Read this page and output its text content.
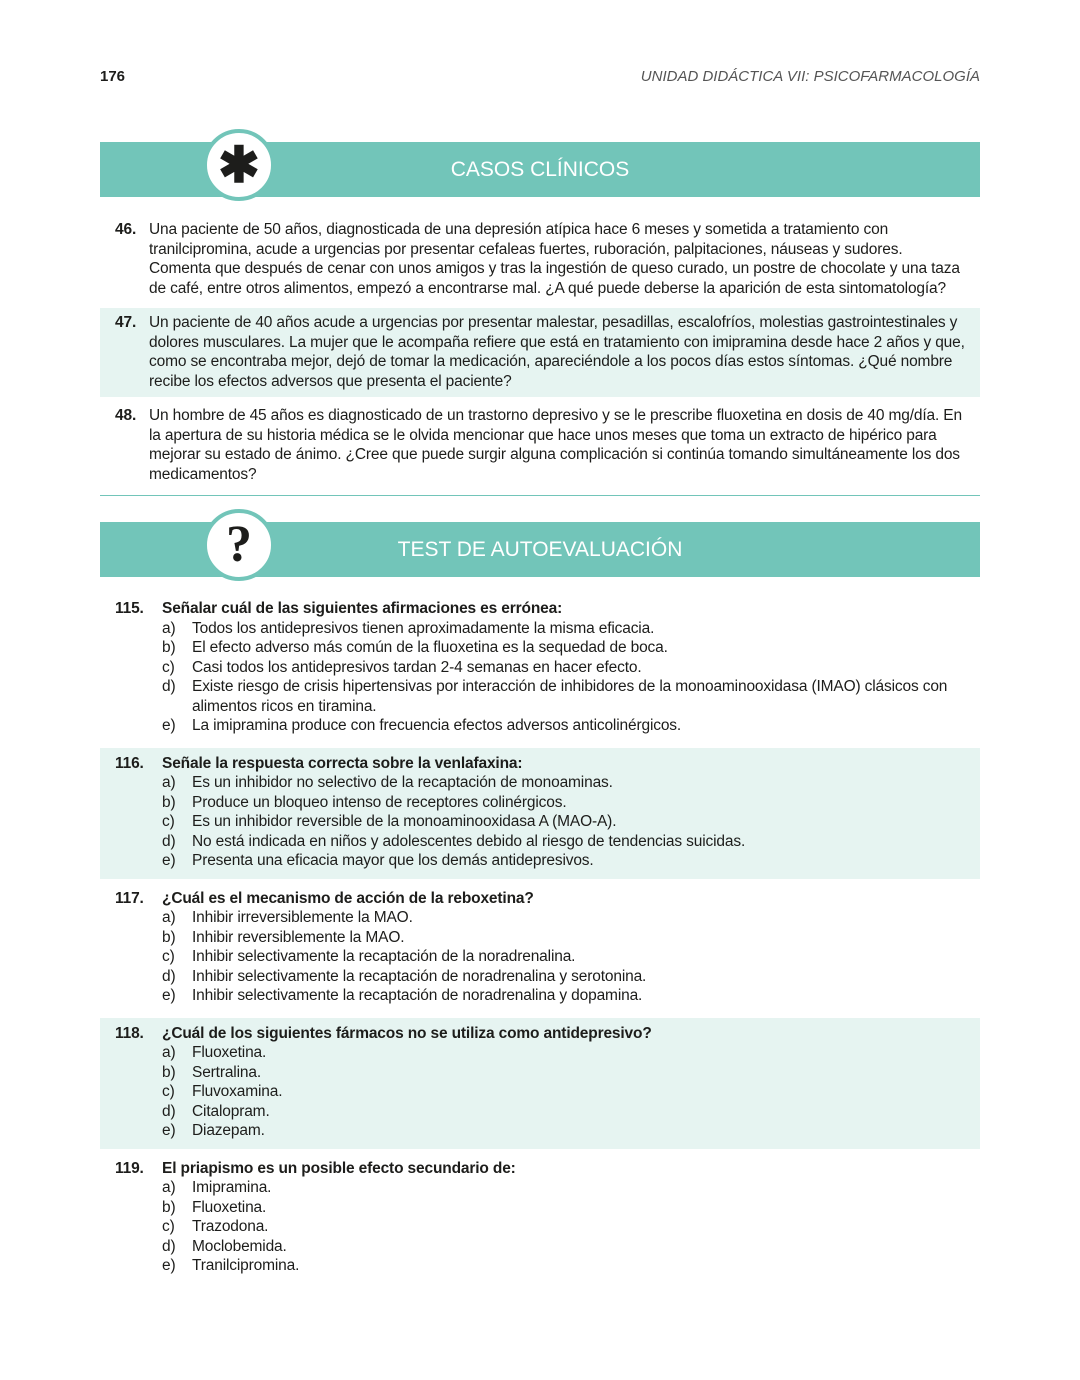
176	UNIDAD DIDÁCTICA VII: PSICOFARMACOLOGÍA
✱	CASOS CLÍNICOS
46. Una paciente de 50 años, diagnosticada de una depresión atípica hace 6 meses y sometida a tratamiento con tranilcipromina, acude a urgencias por presentar cefaleas fuertes, ruboración, palpitaciones, náuseas y sudores. Comenta que después de cenar con unos amigos y tras la ingestión de queso curado, un postre de chocolate y una taza de café, entre otros alimentos, empezó a encontrarse mal. ¿A qué puede deberse la aparición de esta sintomatología?
47. Un paciente de 40 años acude a urgencias por presentar malestar, pesadillas, escalofríos, molestias gastrointestinales y dolores musculares. La mujer que le acompaña refiere que está en tratamiento con imipramina desde hace 2 años y que, como se encontraba mejor, dejó de tomar la medicación, apareciéndole a los pocos días estos síntomas. ¿Qué nombre recibe los efectos adversos que presenta el paciente?
48. Un hombre de 45 años es diagnosticado de un trastorno depresivo y se le prescribe fluoxetina en dosis de 40 mg/día. En la apertura de su historia médica se le olvida mencionar que hace unos meses que toma un extracto de hipérico para mejorar su estado de ánimo. ¿Cree que puede surgir alguna complicación si continúa tomando simultáneamente los dos medicamentos?
?	TEST DE AUTOEVALUACIÓN
115. Señalar cuál de las siguientes afirmaciones es errónea:
a) Todos los antidepresivos tienen aproximadamente la misma eficacia.
b) El efecto adverso más común de la fluoxetina es la sequedad de boca.
c) Casi todos los antidepresivos tardan 2-4 semanas en hacer efecto.
d) Existe riesgo de crisis hipertensivas por interacción de inhibidores de la monoaminooxidasa (IMAO) clásicos con alimentos ricos en tiramina.
e) La imipramina produce con frecuencia efectos adversos anticolinérgicos.
116. Señale la respuesta correcta sobre la venlafaxina:
a) Es un inhibidor no selectivo de la recaptación de monoaminas.
b) Produce un bloqueo intenso de receptores colinérgicos.
c) Es un inhibidor reversible de la monoaminooxidasa A (MAO-A).
d) No está indicada en niños y adolescentes debido al riesgo de tendencias suicidas.
e) Presenta una eficacia mayor que los demás antidepresivos.
117. ¿Cuál es el mecanismo de acción de la reboxetina?
a) Inhibir irreversiblemente la MAO.
b) Inhibir reversiblemente la MAO.
c) Inhibir selectivamente la recaptación de la noradrenalina.
d) Inhibir selectivamente la recaptación de noradrenalina y serotonina.
e) Inhibir selectivamente la recaptación de noradrenalina y dopamina.
118. ¿Cuál de los siguientes fármacos no se utiliza como antidepresivo?
a) Fluoxetina.
b) Sertralina.
c) Fluvoxamina.
d) Citalopram.
e) Diazepam.
119. El priapismo es un posible efecto secundario de:
a) Imipramina.
b) Fluoxetina.
c) Trazodona.
d) Moclobemida.
e) Tranilcipromina.
